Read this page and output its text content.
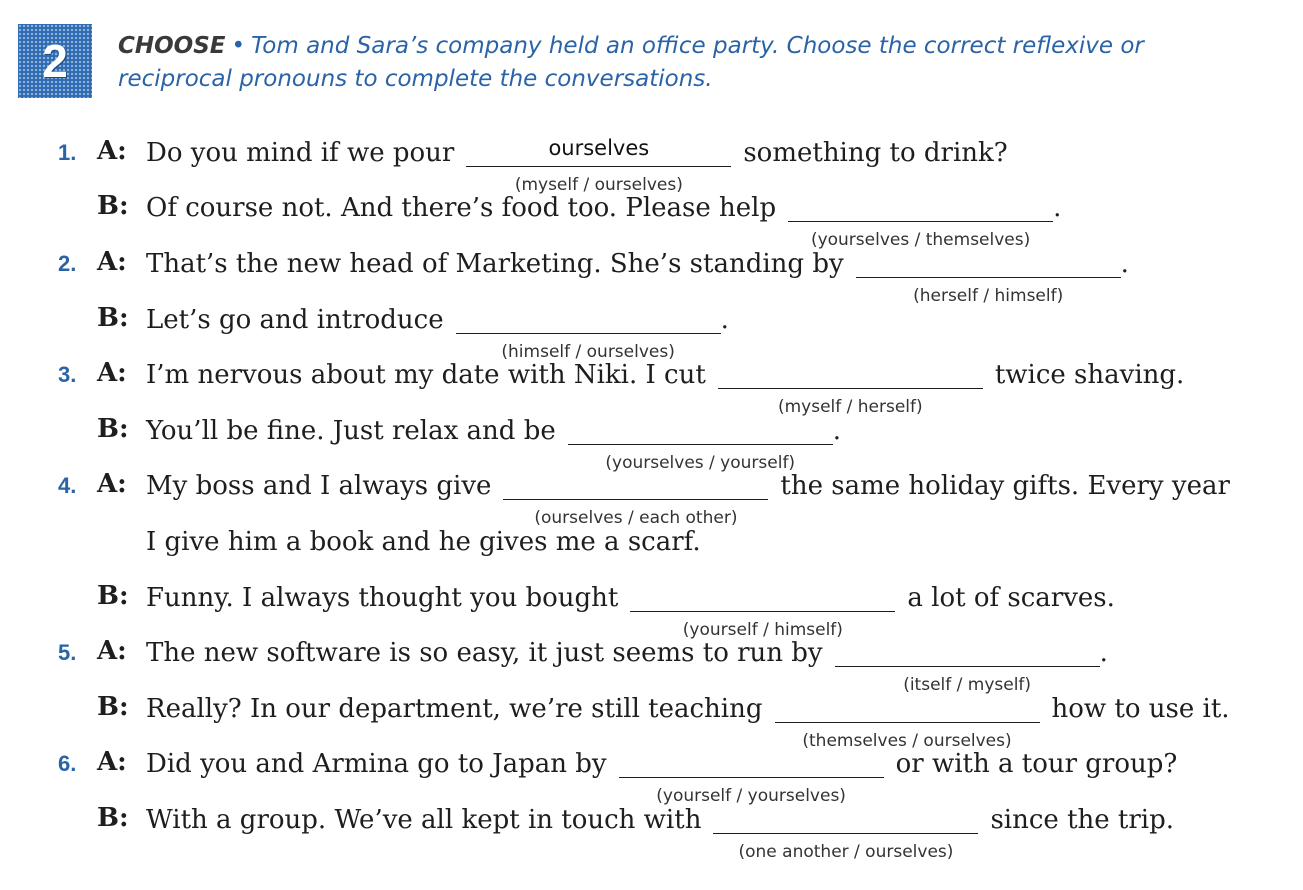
2 CHOOSE • Tom and Sara’s company held an office party. Choose the correct reflexive or reciprocal pronouns to complete the conversations.
1. A: Do you mind if we pour	ourselves
(myself / ourselves)
something to drink?
B: Of course not. And there’s food too. Please help
(yourselves / themselves)
.
2. A: That’s the new head of Marketing. She’s standing by
(herself / himself)
.
B: Let’s go and introduce
(himself / ourselves)
.
3. A: I’m nervous about my date with Niki. I cut
(myself / herself)
twice shaving.
B: You’ll be fine. Just relax and be
(yourselves / yourself)
.
4. A: My boss and I always give
(ourselves / each other)
the same holiday gifts. Every year
I give him a book and he gives me a scarf.
B: Funny. I always thought you bought
(yourself / himself)
a lot of scarves.
5. A: The new software is so easy, it just seems to run by
(itself / myself)
.
B: Really? In our department, we’re still teaching
(themselves / ourselves)
how to use it.
6. A: Did you and Armina go to Japan by
(yourself / yourselves)
or with a tour group?
B: With a group. We’ve all kept in touch with
(one another / ourselves)
since the trip.
